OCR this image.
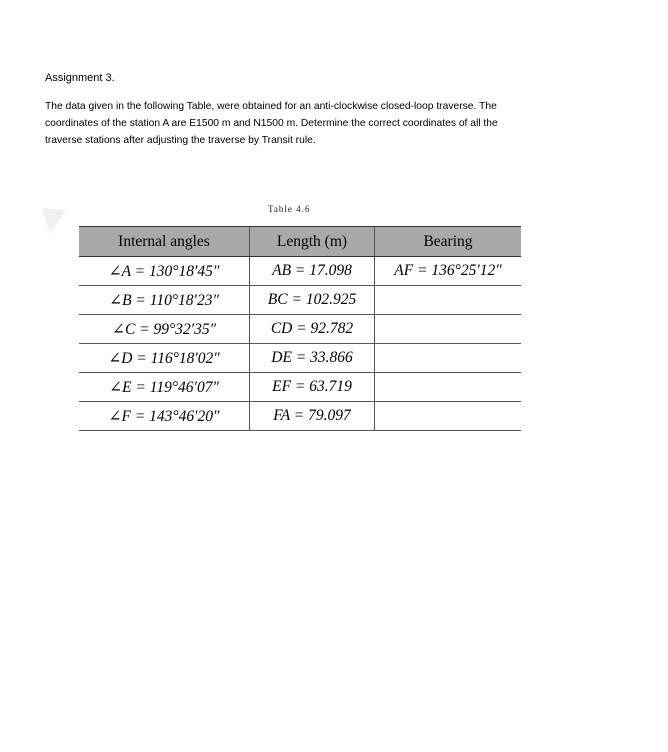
Assignment 3.
The data given in the following Table, were obtained for an anti-clockwise closed-loop traverse. The
coordinates of the station A are E1500 m and N1500 m. Determine the correct coordinates of all the
traverse stations after adjusting the traverse by Transit rule.
Table 4.6
Internal angles	Length (m)	Bearing
∠A = 130°18′45″	AB = 17.098	AF = 136°25′12″
∠B = 110°18′23″	BC = 102.925	
∠C = 99°32′35″	CD = 92.782	
∠D = 116°18′02″	DE = 33.866	
∠E = 119°46′07″	EF = 63.719	
∠F = 143°46′20″	FA = 79.097	
